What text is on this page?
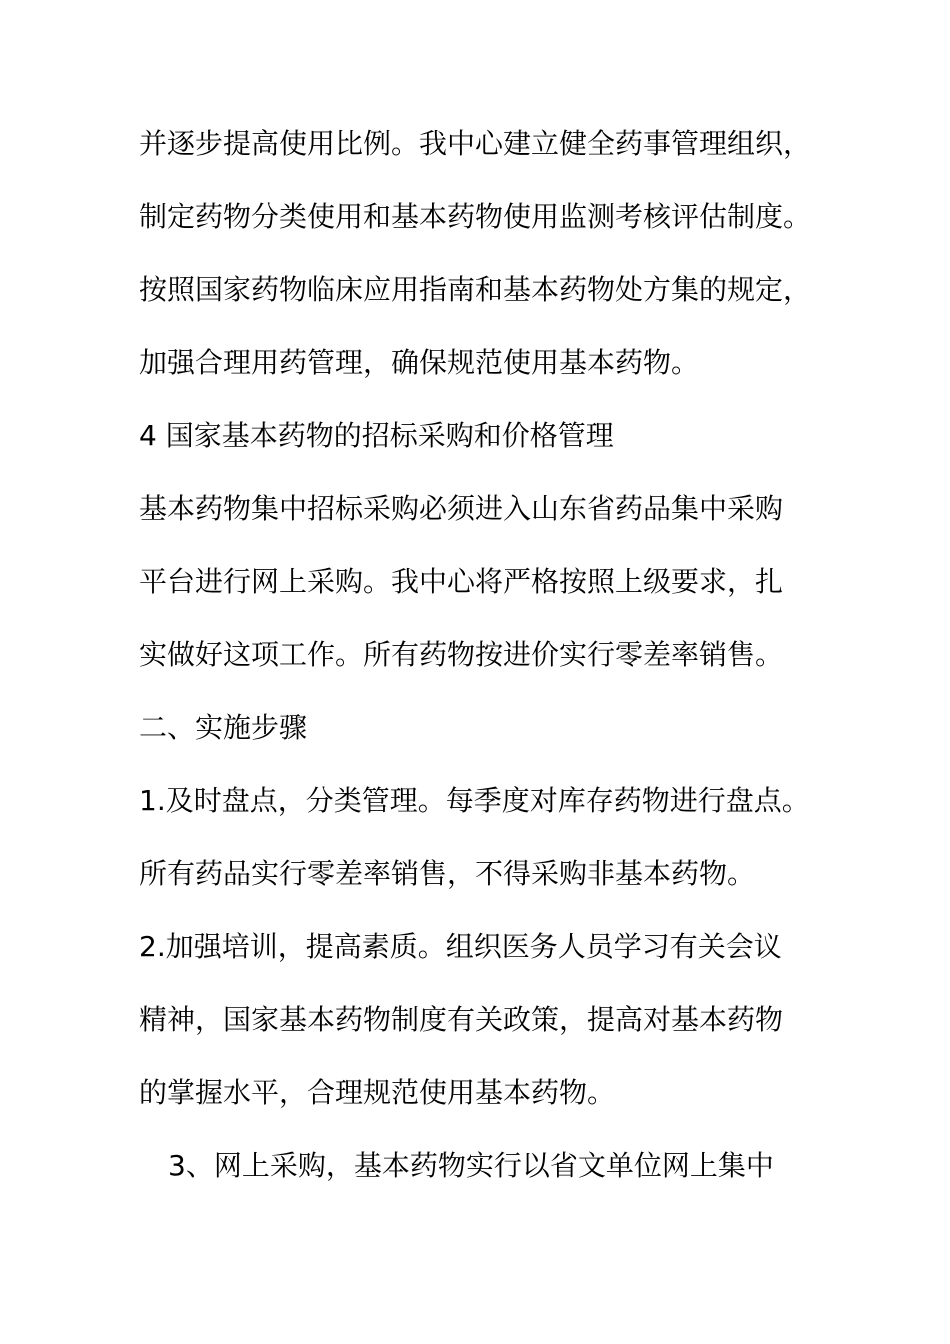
并逐步提高使用比例。我中心建立健全药事管理组织，
制定药物分类使用和基本药物使用监测考核评估制度。
按照国家药物临床应用指南和基本药物处方集的规定，
加强合理用药管理，确保规范使用基本药物。
4 国家基本药物的招标采购和价格管理
基本药物集中招标采购必须进入山东省药品集中采购
平台进行网上采购。我中心将严格按照上级要求，扎
实做好这项工作。所有药物按进价实行零差率销售。
二、实施步骤
1.及时盘点，分类管理。每季度对库存药物进行盘点。
所有药品实行零差率销售，不得采购非基本药物。
2.加强培训，提高素质。组织医务人员学习有关会议
精神，国家基本药物制度有关政策，提高对基本药物
的掌握水平，合理规范使用基本药物。
3、网上采购，基本药物实行以省文单位网上集中
